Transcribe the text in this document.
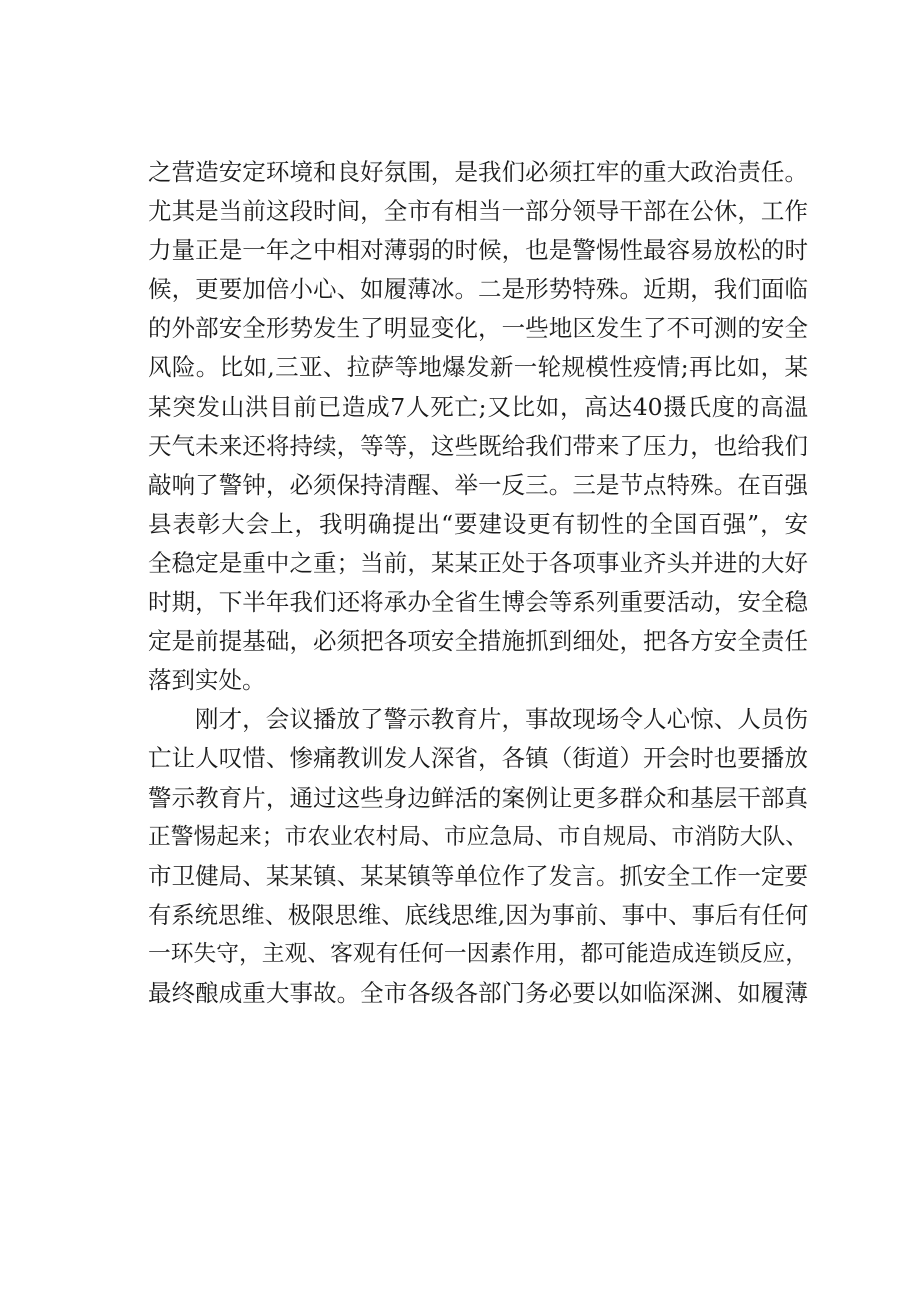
之营造安定环境和良好氛围，是我们必须扛牢的重大政治责任。
尤其是当前这段时间，全市有相当一部分领导干部在公休，工作
力量正是一年之中相对薄弱的时候，也是警惕性最容易放松的时
候，更要加倍小心、如履薄冰。二是形势特殊。近期，我们面临
的外部安全形势发生了明显变化，一些地区发生了不可测的安全
风险。比如,三亚、拉萨等地爆发新一轮规模性疫情;再比如，某
某突发山洪目前已造成7人死亡;又比如，高达40摄氏度的高温
天气未来还将持续，等等，这些既给我们带来了压力，也给我们
敲响了警钟，必须保持清醒、举一反三。三是节点特殊。在百强
县表彰大会上，我明确提出“要建设更有韧性的全国百强”，安
全稳定是重中之重；当前，某某正处于各项事业齐头并进的大好
时期，下半年我们还将承办全省生博会等系列重要活动，安全稳
定是前提基础，必须把各项安全措施抓到细处，把各方安全责任
落到实处。
刚才，会议播放了警示教育片，事故现场令人心惊、人员伤
亡让人叹惜、惨痛教训发人深省，各镇（街道）开会时也要播放
警示教育片，通过这些身边鲜活的案例让更多群众和基层干部真
正警惕起来；市农业农村局、市应急局、市自规局、市消防大队、
市卫健局、某某镇、某某镇等单位作了发言。抓安全工作一定要
有系统思维、极限思维、底线思维,因为事前、事中、事后有任何
一环失守，主观、客观有任何一因素作用，都可能造成连锁反应，
最终酿成重大事故。全市各级各部门务必要以如临深渊、如履薄
